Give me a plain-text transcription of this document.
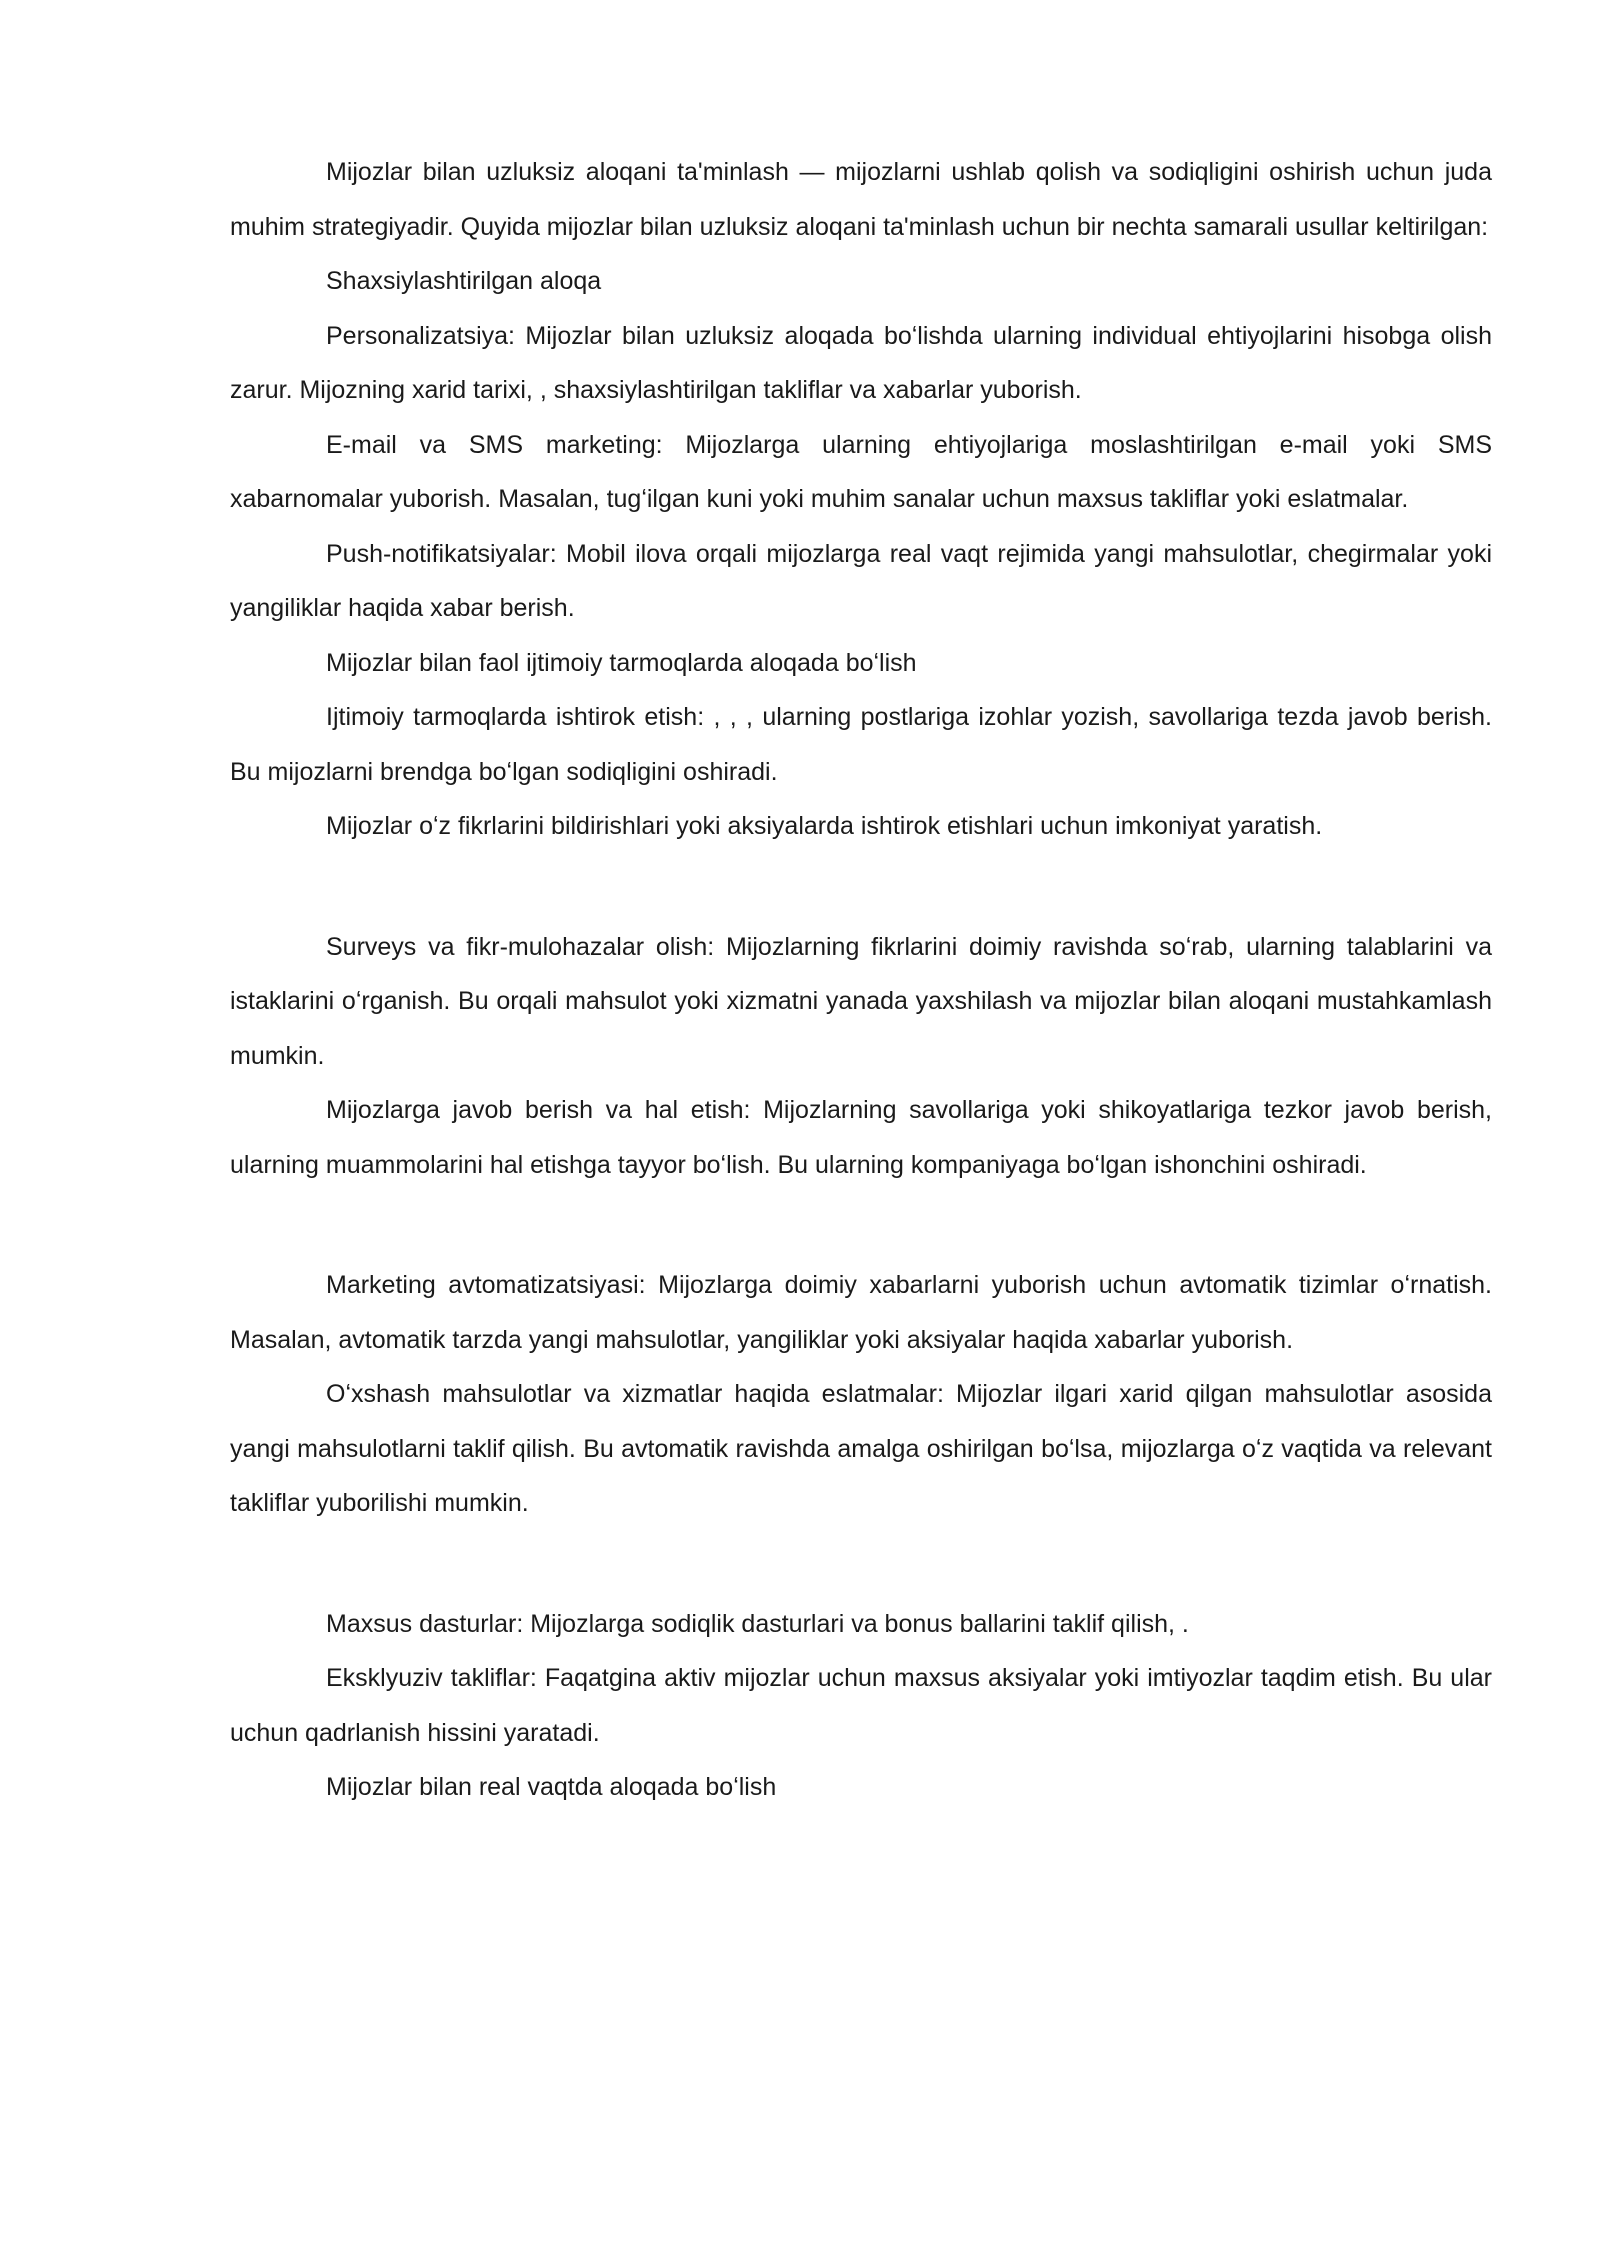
Mijozlar bilan uzluksiz aloqani ta'minlash — mijozlarni ushlab qolish va sodiqligini oshirish uchun juda muhim strategiyadir. Quyida mijozlar bilan uzluksiz aloqani ta'minlash uchun bir nechta samarali usullar keltirilgan:

Shaxsiylashtirilgan aloqa

Personalizatsiya: Mijozlar bilan uzluksiz aloqada boʻlishda ularning individual ehtiyojlarini hisobga olish zarur. Mijozning xarid tarixi, , shaxsiylashtirilgan takliflar va xabarlar yuborish.

E-mail va SMS marketing: Mijozlarga ularning ehtiyojlariga moslashtirilgan e-mail yoki SMS xabarnomalar yuborish. Masalan, tugʻilgan kuni yoki muhim sanalar uchun maxsus takliflar yoki eslatmalar.

Push-notifikatsiyalar: Mobil ilova orqali mijozlarga real vaqt rejimida yangi mahsulotlar, chegirmalar yoki yangiliklar haqida xabar berish.

Mijozlar bilan faol ijtimoiy tarmoqlarda aloqada boʻlish

Ijtimoiy tarmoqlarda ishtirok etish: , , , ularning postlariga izohlar yozish, savollariga tezda javob berish. Bu mijozlarni brendga boʻlgan sodiqligini oshiradi.

Mijozlar oʻz fikrlarini bildirishlari yoki aksiyalarda ishtirok etishlari uchun imkoniyat yaratish.

Surveys va fikr-mulohazalar olish: Mijozlarning fikrlarini doimiy ravishda soʻrab, ularning talablarini va istaklarini oʻrganish. Bu orqali mahsulot yoki xizmatni yanada yaxshilash va mijozlar bilan aloqani mustahkamlash mumkin.

Mijozlarga javob berish va hal etish: Mijozlarning savollariga yoki shikoyatlariga tezkor javob berish, ularning muammolarini hal etishga tayyor boʻlish. Bu ularning kompaniyaga boʻlgan ishonchini oshiradi.

Marketing avtomatizatsiyasi: Mijozlarga doimiy xabarlarni yuborish uchun avtomatik tizimlar oʻrnatish. Masalan, avtomatik tarzda yangi mahsulotlar, yangiliklar yoki aksiyalar haqida xabarlar yuborish.

Oʻxshash mahsulotlar va xizmatlar haqida eslatmalar: Mijozlar ilgari xarid qilgan mahsulotlar asosida yangi mahsulotlarni taklif qilish. Bu avtomatik ravishda amalga oshirilgan boʻlsa, mijozlarga oʻz vaqtida va relevant takliflar yuborilishi mumkin.

Maxsus dasturlar: Mijozlarga sodiqlik dasturlari va bonus ballarini taklif qilish, .

Eksklyuziv takliflar: Faqatgina aktiv mijozlar uchun maxsus aksiyalar yoki imtiyozlar taqdim etish. Bu ular uchun qadrlanish hissini yaratadi.

Mijozlar bilan real vaqtda aloqada boʻlish
